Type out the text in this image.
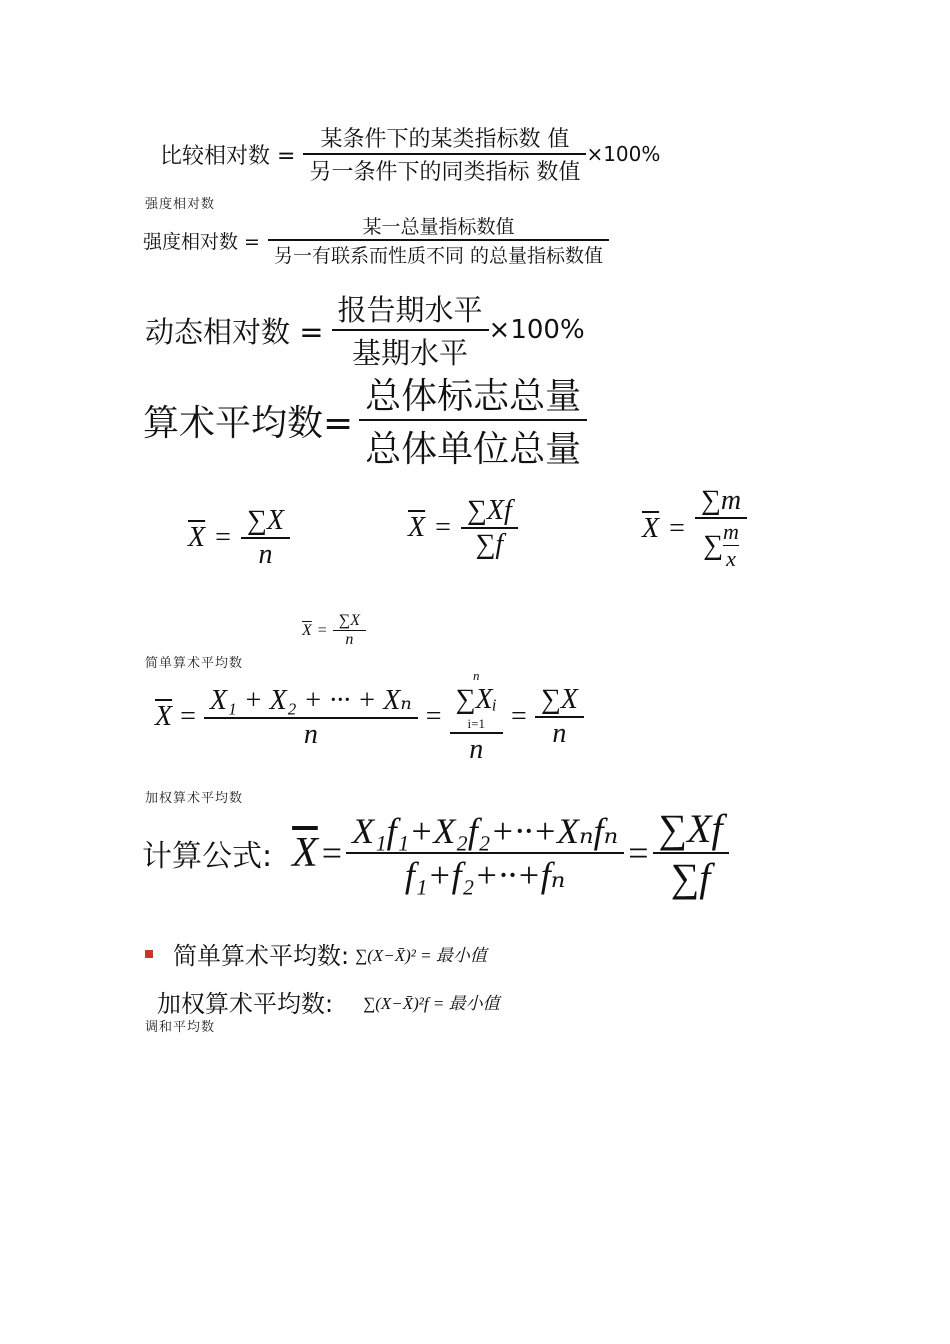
比较相对数 = $\frac{\text{某条件下的某类指标数 值}}{\text{另一条件下的同类指标 数值}} \times 100\%$
强度相对数
强度相对数 = $\frac{\text{某一总量指标数值}}{\text{另一有联系而性质不同 的总量指标数值}}$
动态相对数 = $\frac{\text{报告期水平}}{\text{基期水平}} \times 100\%$
算术平均数= $\frac{\text{总体标志总量}}{\text{总体单位总量}}$
$\overline{X} = \frac{\sum X}{n}$	$\overline{X} = \frac{\sum Xf}{\sum f}$	$\overline{X} = \frac{\sum m}{\sum \frac{m}{x}}$
$\overline{X} = \frac{\sum X}{n}$
简单算术平均数
$\overline{X} = \frac{\text{X₁ + X₂ + ··· + Xₙ}}{n}$ =
n
∑Xᵢ
i=1
n
= $\frac{\sum X}{n}$
加权算术平均数
计算公式: $\overline{X} = \frac{\text{X₁f₁+X₂f₂+··+Xₙfₙ}}{\text{f₁+f₂+··+fₙ}} = \frac{\sum Xf}{\sum f}$
简单算术平均数: ∑(X−X̄)² = 最小值
加权算术平均数: ∑(X−X̄)²f = 最小值
调和平均数
